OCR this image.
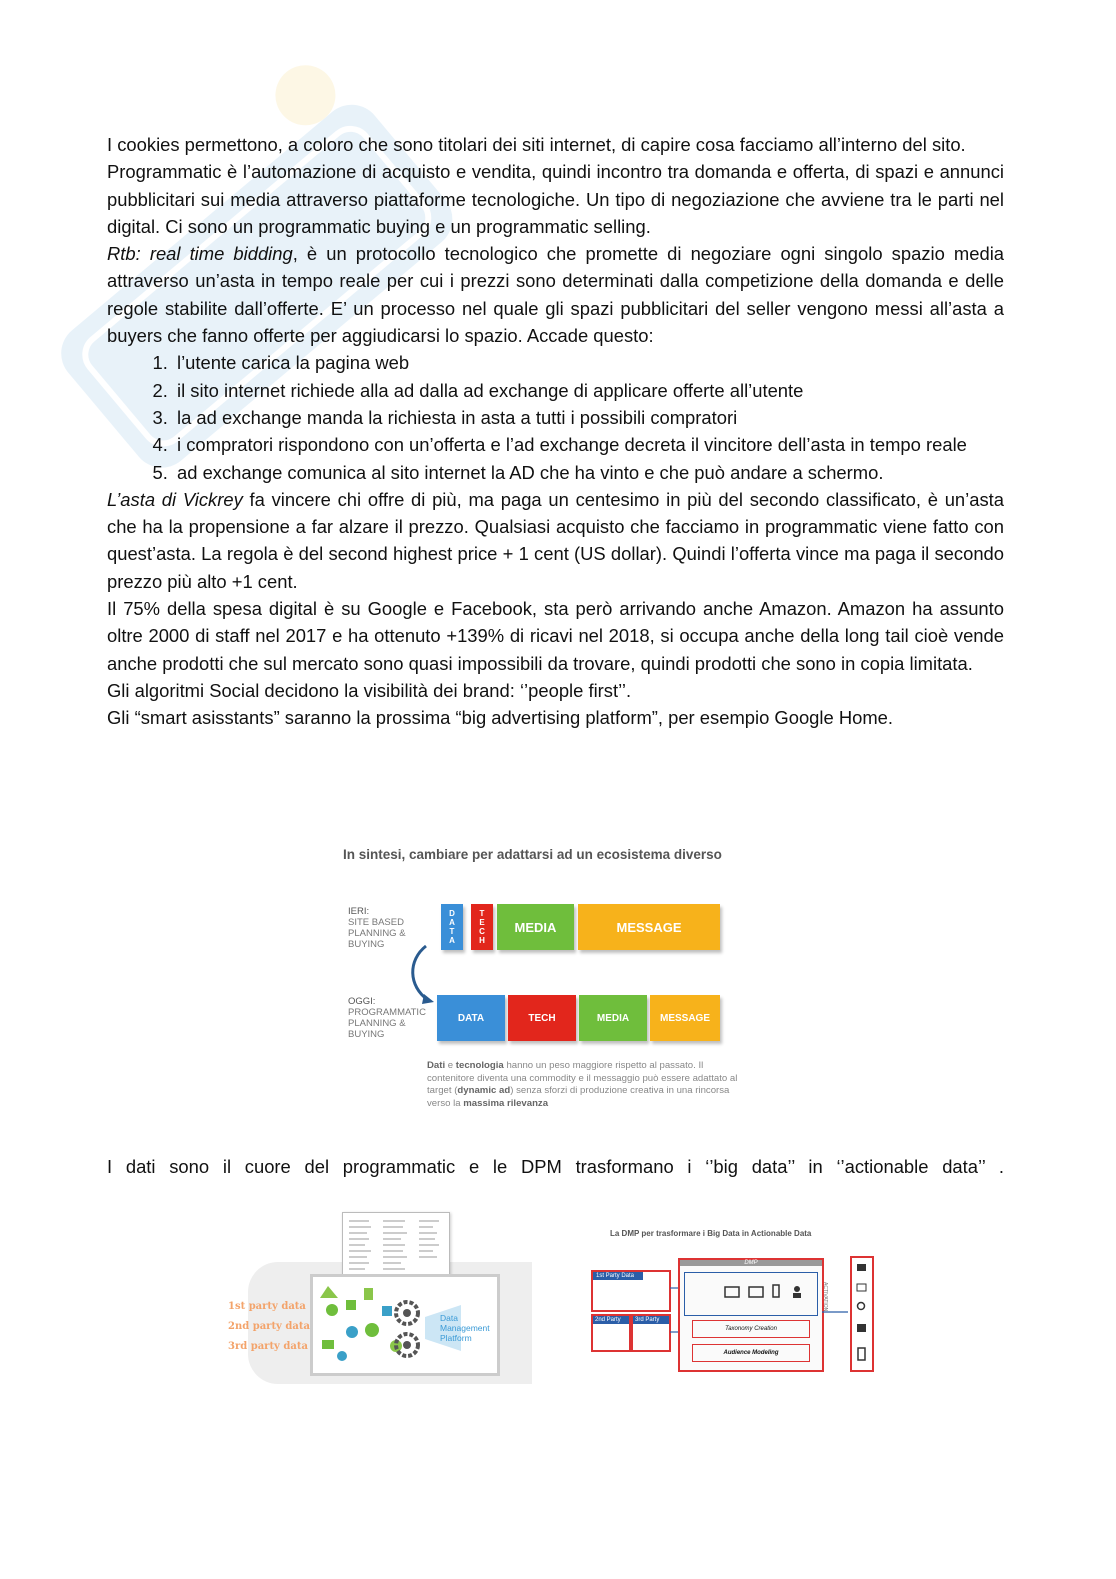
I cookies permettono, a coloro che sono titolari dei siti internet, di capire cosa facciamo all’interno del sito.

Programmatic è l’automazione di acquisto e vendita, quindi incontro tra domanda e offerta, di spazi e annunci pubblicitari sui media attraverso piattaforme tecnologiche. Un tipo di negoziazione che avviene tra le parti nel digital. Ci sono un programmatic buying e un programmatic selling.

Rtb: real time bidding, è un protocollo tecnologico che promette di negoziare ogni singolo spazio media attraverso un’asta in tempo reale per cui i prezzi sono determinati dalla competizione della domanda e delle regole stabilite dall’offerte. E’ un processo nel quale gli spazi pubblicitari del seller vengono messi all’asta a buyers che fanno offerte per aggiudicarsi lo spazio. Accade questo:

1. l’utente carica la pagina web
2. il sito internet richiede alla ad dalla ad exchange di applicare offerte all’utente
3. la ad exchange manda la richiesta in asta a tutti i possibili compratori
4. i compratori rispondono con un’offerta e l’ad exchange decreta il vincitore dell’asta in tempo reale
5. ad exchange comunica al sito internet la AD che ha vinto e che può andare a schermo.

L’asta di Vickrey fa vincere chi offre di più, ma paga un centesimo in più del secondo classificato, è un’asta che ha la propensione a far alzare il prezzo. Qualsiasi acquisto che facciamo in programmatic viene fatto con quest’asta. La regola è del second highest price + 1 cent (US dollar). Quindi l’offerta vince ma paga il secondo prezzo più alto +1 cent.

Il 75% della spesa digital è su Google e Facebook, sta però arrivando anche Amazon. Amazon ha assunto oltre 2000 di staff nel 2017 e ha ottenuto +139% di ricavi nel 2018, si occupa anche della long tail cioè vende anche prodotti che sul mercato sono quasi impossibili da trovare, quindi prodotti che sono in copia limitata.

Gli algoritmi Social decidono la visibilità dei brand: ‘’people first’’.

Gli “smart asisstants” saranno la prossima “big advertising platform”, per esempio Google Home.

In sintesi, cambiare per adattarsi ad un ecosistema diverso
IERI:
SITE BASED
PLANNING &
BUYING
D A T A
T E C H
MEDIA	MESSAGE
OGGI:
PROGRAMMATIC
PLANNING &
BUYING
DATA	TECH	MEDIA	MESSAGE
Dati e tecnologia hanno un peso maggiore rispetto al passato. Il contenitore diventa una commodity e il messaggio può essere adattato al target (dynamic ad) senza sforzi di produzione creativa in una rincorsa verso la massima rilevanza
I dati sono il cuore del programmatic e le DPM trasformano i ‘’big data’’ in ‘’actionable data’’ .
Data Management Platform
1st party data
2nd party data
3rd party data
La DMP per trasformare i Big Data in Actionable Data
1st Party Data
2nd Party	3rd Party
DMP
Taxonomy Creation
Audience Modeling
ACTIVATION
